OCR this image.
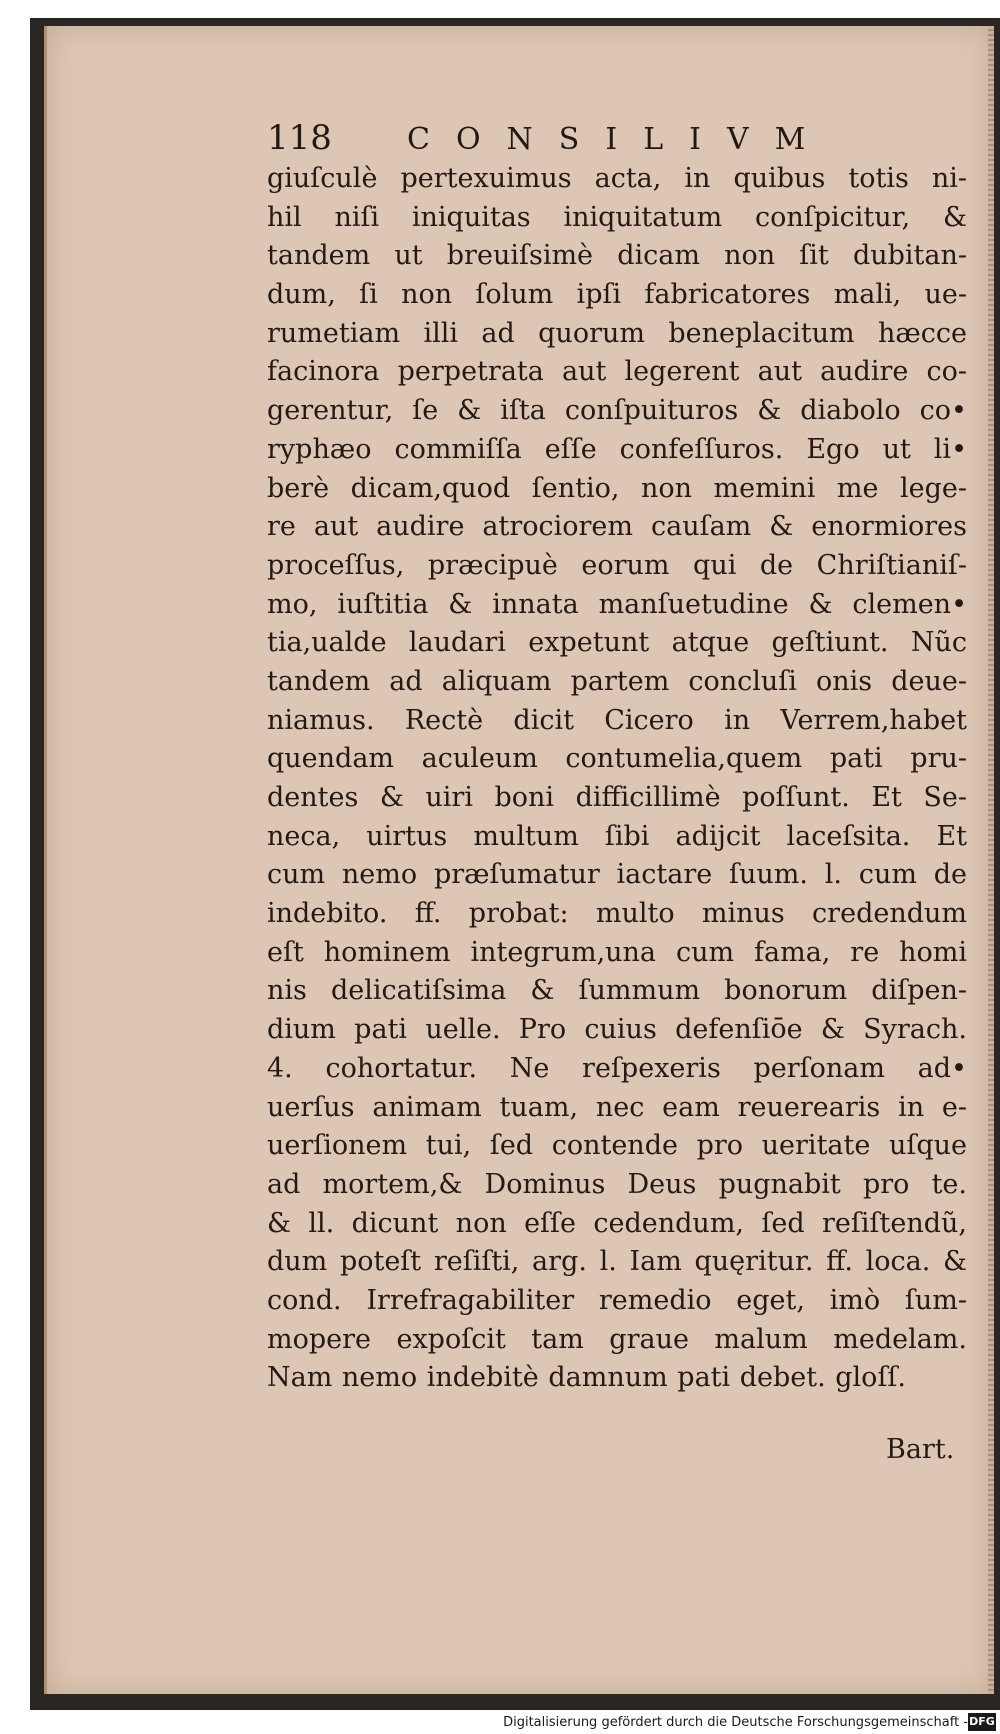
118	CONSILIVM
giuſculè pertexuimus acta, in quibus totis ni-
hil niſi iniquitas iniquitatum conſpicitur, &
tandem ut breuiſsimè dicam non ſit dubitan-
dum, ſi non ſolum ipſi fabricatores mali, ue-
rumetiam illi ad quorum beneplacitum hæcce
facinora perpetrata aut legerent aut audire co-
gerentur, ſe & iſta conſpuituros & diabolo co•
ryphæo commiſſa eſſe confeſſuros. Ego ut li•
berè dicam,quod ſentio, non memini me lege-
re aut audire atrociorem cauſam & enormiores
proceſſus, præcipuè eorum qui de Chriſtianiſ-
mo, iuſtitia & innata manſuetudine & clemen•
tia,ualde laudari expetunt atque geſtiunt. Nũc
tandem ad aliquam partem concluſi onis deue-
niamus. Rectè dicit Cicero in Verrem,habet
quendam aculeum contumelia,quem pati pru-
dentes & uiri boni difficillimè poſſunt. Et Se-
neca, uirtus multum ſibi adijcit laceſsita. Et
cum nemo præſumatur iactare ſuum. l. cum de
indebito. ff. probat: multo minus credendum
eſt hominem integrum,una cum fama, re homi
nis delicatiſsima & ſummum bonorum diſpen-
dium pati uelle. Pro cuius defenſiōe & Syrach.
4. cohortatur. Ne reſpexeris perſonam ad•
uerſus animam tuam, nec eam reuerearis in e-
uerſionem tui, ſed contende pro ueritate uſque
ad mortem,& Dominus Deus pugnabit pro te.
& ll. dicunt non eſſe cedendum, ſed reſiſtendũ,
dum poteſt reſiſti, arg. l. Iam quęritur. ff. loca. &
cond. Irrefragabiliter remedio eget, imò ſum-
mopere expoſcit tam graue malum medelam.
Nam nemo indebitè damnum pati debet. gloſſ.
Bart.
Digitalisierung gefördert durch die Deutsche Forschungsgemeinschaft - DFG
